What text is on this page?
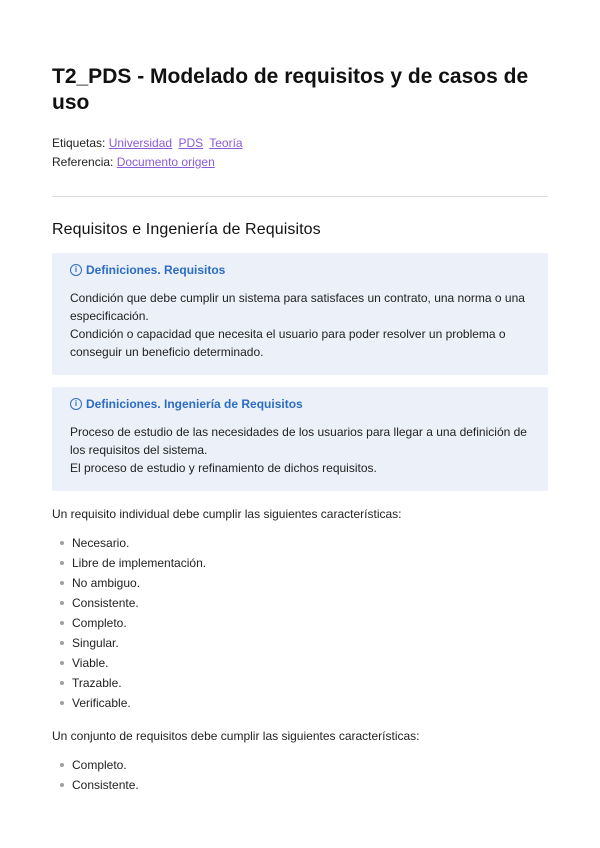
T2_PDS - Modelado de requisitos y de casos de uso
Etiquetas: Universidad PDS Teoría
Referencia: Documento origen
Requisitos e Ingeniería de Requisitos
i Definiciones. Requisitos

Condición que debe cumplir un sistema para satisfaces un contrato, una norma o una especificación.

Condición o capacidad que necesita el usuario para poder resolver un problema o conseguir un beneficio determinado.

i Definiciones. Ingeniería de Requisitos

Proceso de estudio de las necesidades de los usuarios para llegar a una definición de los requisitos del sistema.

El proceso de estudio y refinamiento de dichos requisitos.

Un requisito individual debe cumplir las siguientes características:

Necesario.
Libre de implementación.
No ambiguo.
Consistente.
Completo.
Singular.
Viable.
Trazable.
Verificable.

Un conjunto de requisitos debe cumplir las siguientes características:

Completo.
Consistente.
